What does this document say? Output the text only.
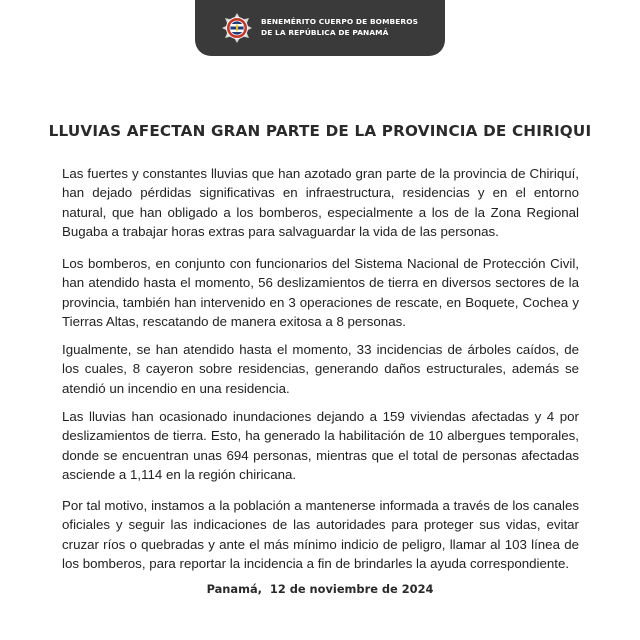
BENEMÉRITO CUERPO DE BOMBEROS
DE LA REPÚBLICA DE PANAMÁ
LLUVIAS AFECTAN GRAN PARTE DE LA PROVINCIA DE CHIRIQUI

Las fuertes y constantes lluvias que han azotado gran parte de la provincia de Chiriquí, han dejado pérdidas significativas en infraestructura, residencias y en el entorno natural, que han obligado a los bomberos, especialmente a los de la Zona Regional Bugaba a trabajar horas extras para salvaguardar la vida de las personas.

Los bomberos, en conjunto con funcionarios del Sistema Nacional de Protección Civil, han atendido hasta el momento, 56 deslizamientos de tierra en diversos sectores de la provincia, también han intervenido en 3 operaciones de rescate, en Boquete, Cochea y Tierras Altas, rescatando de manera exitosa a 8 personas.

Igualmente, se han atendido hasta el momento, 33 incidencias de árboles caídos, de los cuales, 8 cayeron sobre residencias, generando daños estructurales, además se atendió un incendio en una residencia.

Las lluvias han ocasionado inundaciones dejando a 159 viviendas afectadas y 4 por deslizamientos de tierra. Esto, ha generado la habilitación de 10 albergues temporales, donde se encuentran unas 694 personas, mientras que el total de personas afectadas asciende a 1,114 en la región chiricana.

Por tal motivo, instamos a la población a mantenerse informada a través de los canales oficiales y seguir las indicaciones de las autoridades para proteger sus vidas, evitar cruzar ríos o quebradas y ante el más mínimo indicio de peligro, llamar al 103 línea de los bomberos, para reportar la incidencia a fin de brindarles la ayuda correspondiente.

Panamá,  12 de noviembre de 2024
